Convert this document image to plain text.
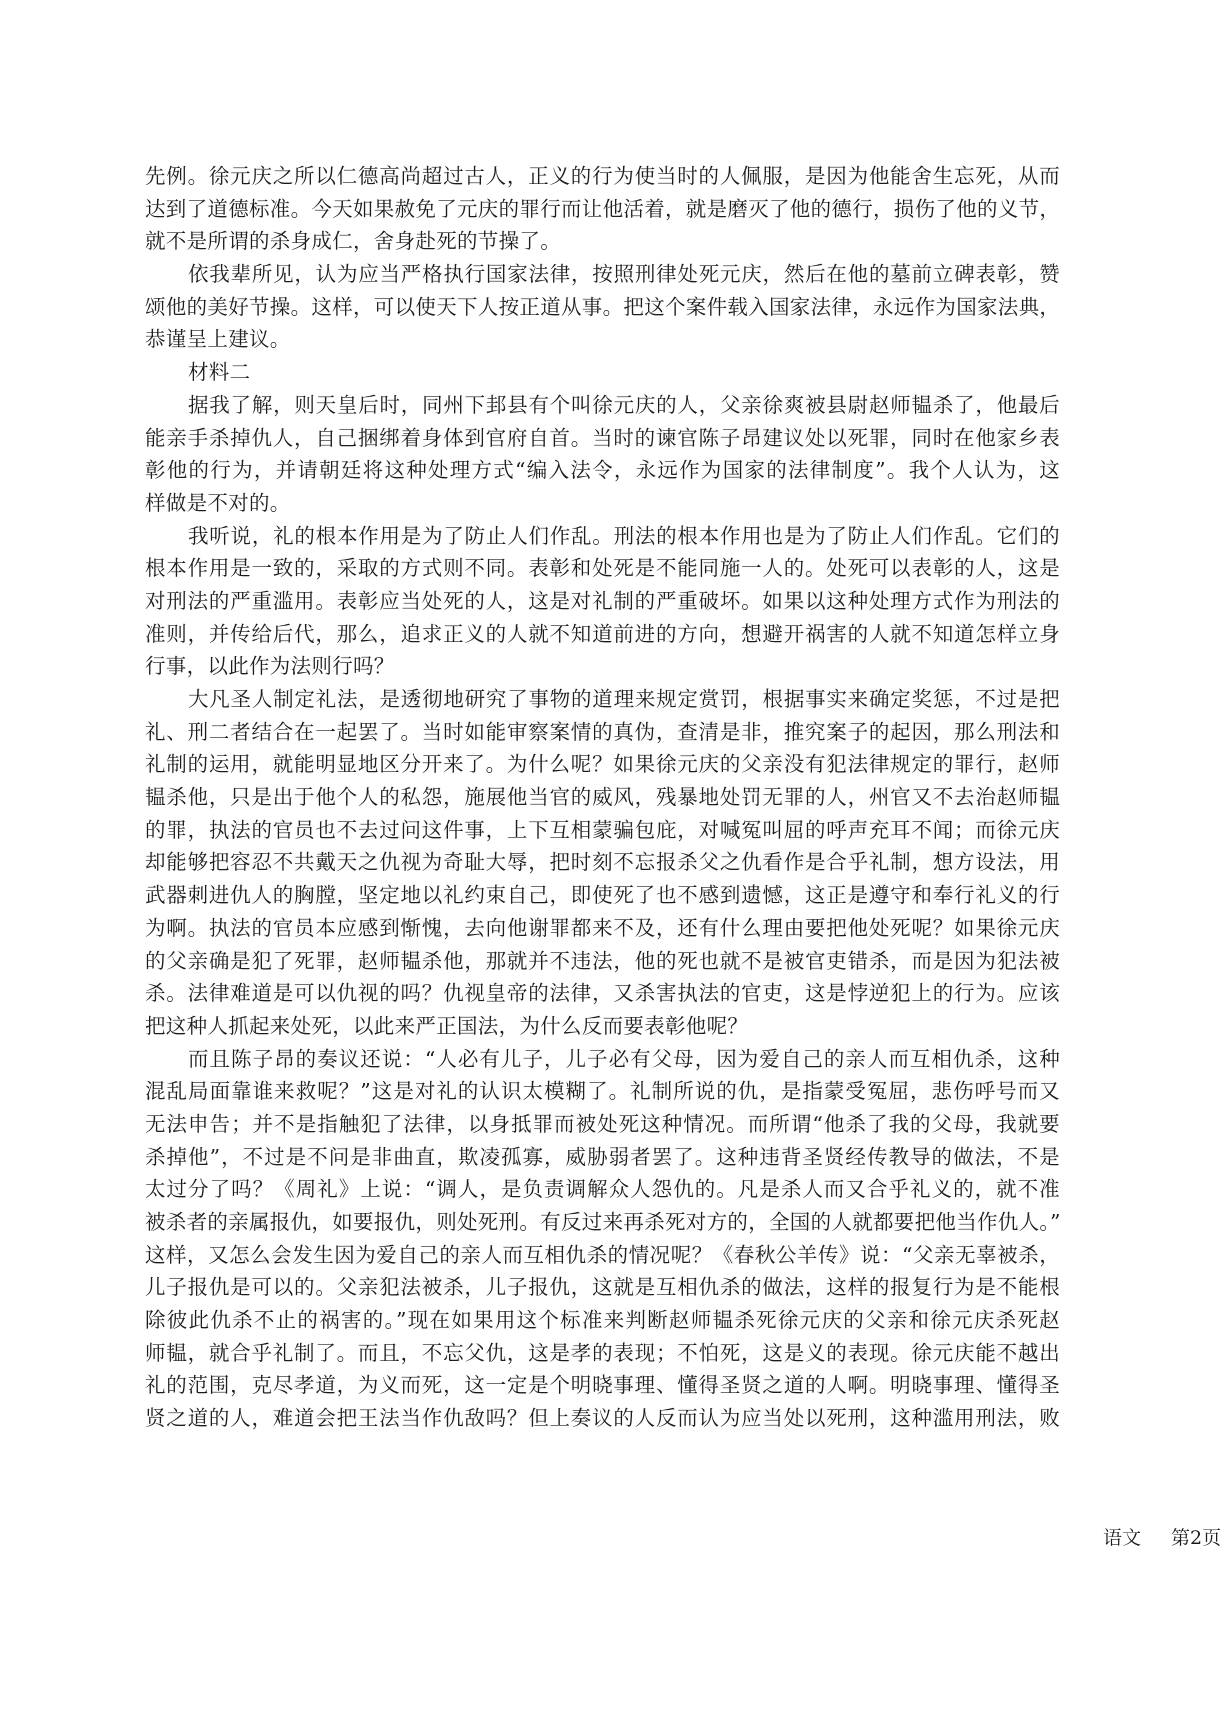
先例。徐元庆之所以仁德高尚超过古人，正义的行为使当时的人佩服，是因为他能舍生忘死，从而
达到了道德标准。今天如果赦免了元庆的罪行而让他活着，就是磨灭了他的德行，损伤了他的义节，
就不是所谓的杀身成仁，舍身赴死的节操了。
依我辈所见，认为应当严格执行国家法律，按照刑律处死元庆，然后在他的墓前立碑表彰，赞
颂他的美好节操。这样，可以使天下人按正道从事。把这个案件载入国家法律，永远作为国家法典，
恭谨呈上建议。
材料二
据我了解，则天皇后时，同州下邽县有个叫徐元庆的人，父亲徐爽被县尉赵师韫杀了，他最后
能亲手杀掉仇人，自己捆绑着身体到官府自首。当时的谏官陈子昂建议处以死罪，同时在他家乡表
彰他的行为，并请朝廷将这种处理方式“编入法令，永远作为国家的法律制度”。我个人认为，这
样做是不对的。
我听说，礼的根本作用是为了防止人们作乱。刑法的根本作用也是为了防止人们作乱。它们的
根本作用是一致的，采取的方式则不同。表彰和处死是不能同施一人的。处死可以表彰的人，这是
对刑法的严重滥用。表彰应当处死的人，这是对礼制的严重破坏。如果以这种处理方式作为刑法的
准则，并传给后代，那么，追求正义的人就不知道前进的方向，想避开祸害的人就不知道怎样立身
行事，以此作为法则行吗？
大凡圣人制定礼法，是透彻地研究了事物的道理来规定赏罚，根据事实来确定奖惩，不过是把
礼、刑二者结合在一起罢了。当时如能审察案情的真伪，查清是非，推究案子的起因，那么刑法和
礼制的运用，就能明显地区分开来了。为什么呢？如果徐元庆的父亲没有犯法律规定的罪行，赵师
韫杀他，只是出于他个人的私怨，施展他当官的威风，残暴地处罚无罪的人，州官又不去治赵师韫
的罪，执法的官员也不去过问这件事，上下互相蒙骗包庇，对喊冤叫屈的呼声充耳不闻；而徐元庆
却能够把容忍不共戴天之仇视为奇耻大辱，把时刻不忘报杀父之仇看作是合乎礼制，想方设法，用
武器刺进仇人的胸膛，坚定地以礼约束自己，即使死了也不感到遗憾，这正是遵守和奉行礼义的行
为啊。执法的官员本应感到惭愧，去向他谢罪都来不及，还有什么理由要把他处死呢？如果徐元庆
的父亲确是犯了死罪，赵师韫杀他，那就并不违法，他的死也就不是被官吏错杀，而是因为犯法被
杀。法律难道是可以仇视的吗？仇视皇帝的法律，又杀害执法的官吏，这是悖逆犯上的行为。应该
把这种人抓起来处死，以此来严正国法，为什么反而要表彰他呢？
而且陈子昂的奏议还说：“人必有儿子，儿子必有父母，因为爱自己的亲人而互相仇杀，这种
混乱局面靠谁来救呢？”这是对礼的认识太模糊了。礼制所说的仇，是指蒙受冤屈，悲伤呼号而又
无法申告；并不是指触犯了法律，以身抵罪而被处死这种情况。而所谓“他杀了我的父母，我就要
杀掉他”，不过是不问是非曲直，欺凌孤寡，威胁弱者罢了。这种违背圣贤经传教导的做法，不是
太过分了吗？《周礼》上说：“调人，是负责调解众人怨仇的。凡是杀人而又合乎礼义的，就不准
被杀者的亲属报仇，如要报仇，则处死刑。有反过来再杀死对方的，全国的人就都要把他当作仇人。”
这样，又怎么会发生因为爱自己的亲人而互相仇杀的情况呢？《春秋公羊传》说：“父亲无辜被杀，
儿子报仇是可以的。父亲犯法被杀，儿子报仇，这就是互相仇杀的做法，这样的报复行为是不能根
除彼此仇杀不止的祸害的。”现在如果用这个标准来判断赵师韫杀死徐元庆的父亲和徐元庆杀死赵
师韫，就合乎礼制了。而且，不忘父仇，这是孝的表现；不怕死，这是义的表现。徐元庆能不越出
礼的范围，克尽孝道，为义而死，这一定是个明晓事理、懂得圣贤之道的人啊。明晓事理、懂得圣
贤之道的人，难道会把王法当作仇敌吗？但上奏议的人反而认为应当处以死刑，这种滥用刑法，败
语文 第2页
